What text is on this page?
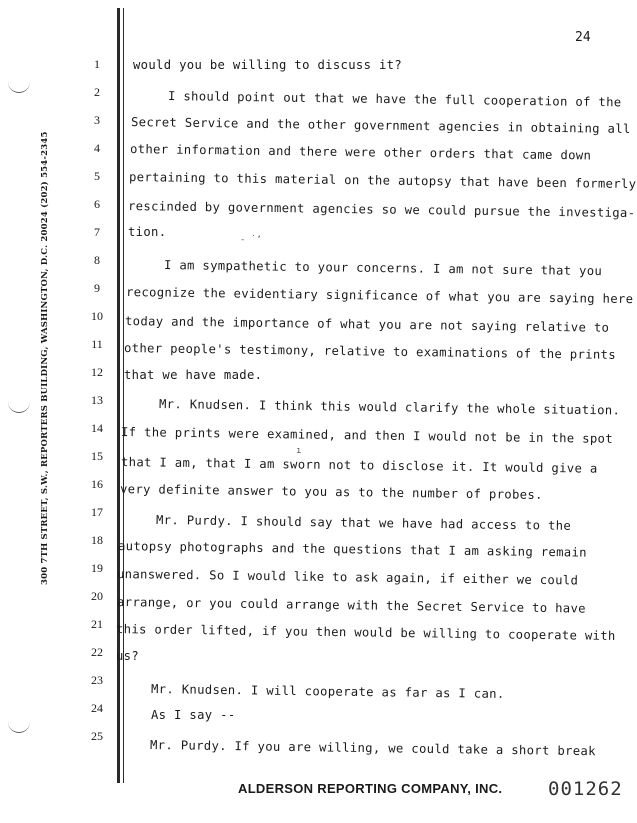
24
300 7TH STREET, S.W., REPORTERS BUILDING, WASHINGTON, D.C. 20024 (202) 554-2345
1	would you be willing to discuss it?
2	I should point out that we have the full cooperation of the
3	Secret Service and the other government agencies in obtaining all
4	other information and there were other orders that came down
5	pertaining to this material on the autopsy that have been formerly
6	rescinded by government agencies so we could pursue the investiga-
7	tion.
- ˙ʼ
8	I am sympathetic to your concerns. I am not sure that you
9	recognize the evidentiary significance of what you are saying here
10	today and the importance of what you are not saying relative to
11	other people's testimony, relative to examinations of the prints
12	that we have made.
13	Mr. Knudsen. I think this would clarify the whole situation.
14	If the prints were examined, and then I would not be in the spot
ı
15	that I am, that I am sworn not to disclose it. It would give a
16	very definite answer to you as to the number of probes.
17
Mr. Purdy. I should say that we have had access to the
18	autopsy photographs and the questions that I am asking remain
19	unanswered. So I would like to ask again, if either we could
20	arrange, or you could arrange with the Secret Service to have
21	this order lifted, if you then would be willing to cooperate with
22	us?
23
Mr. Knudsen. I will cooperate as far as I can.
24	As I say --
25
Mr. Purdy. If you are willing, we could take a short break
ALDERSON REPORTING COMPANY, INC. 001262
